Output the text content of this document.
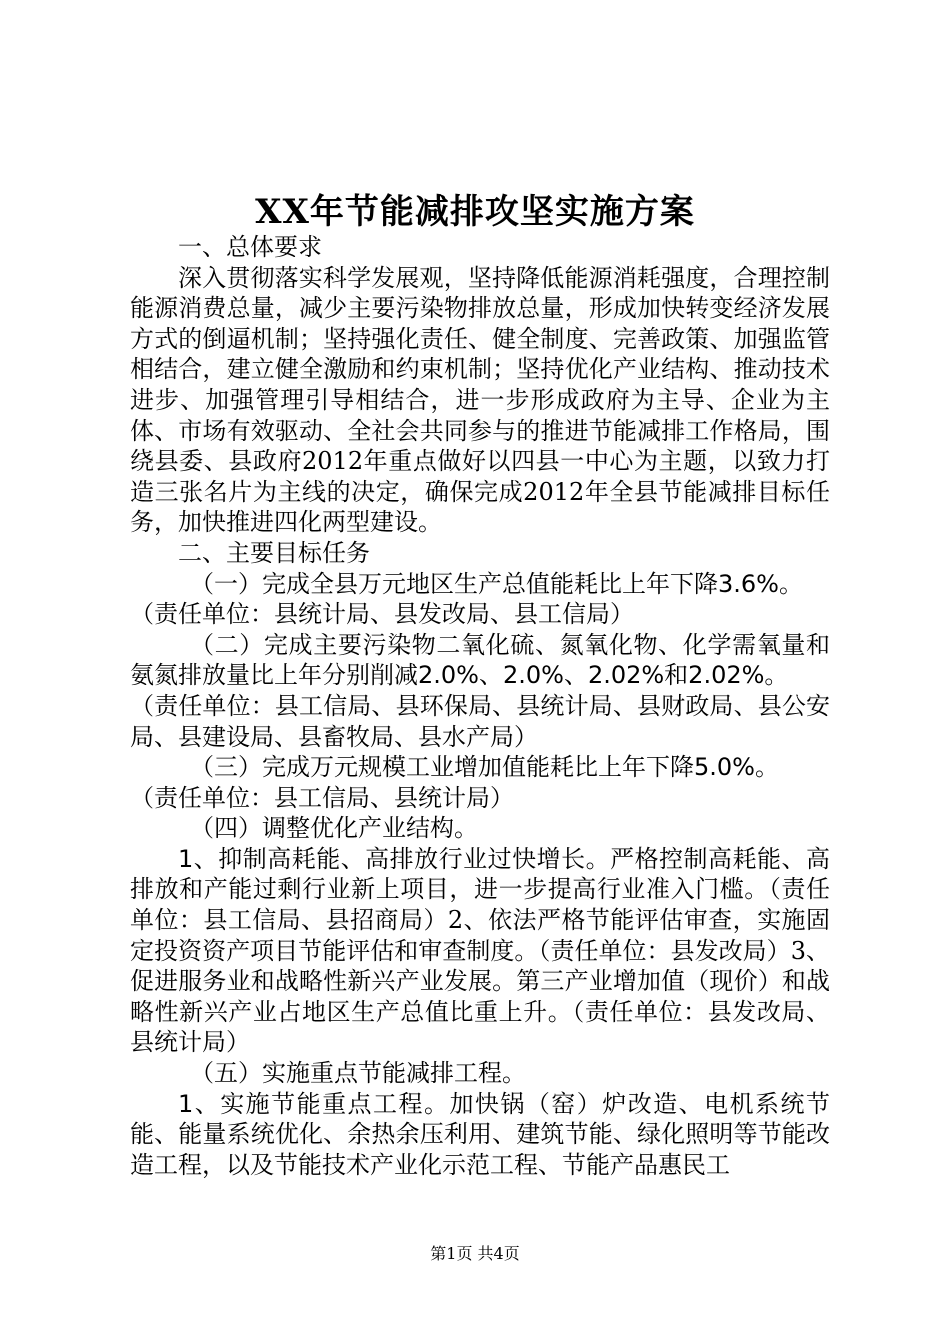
XX年节能减排攻坚实施方案

一、总体要求

深入贯彻落实科学发展观，坚持降低能源消耗强度，合理控制能源消费总量，减少主要污染物排放总量，形成加快转变经济发展方式的倒逼机制；坚持强化责任、健全制度、完善政策、加强监管相结合，建立健全激励和约束机制；坚持优化产业结构、推动技术进步、加强管理引导相结合，进一步形成政府为主导、企业为主体、市场有效驱动、全社会共同参与的推进节能减排工作格局，围绕县委、县政府2012年重点做好以四县一中心为主题，以致力打造三张名片为主线的决定，确保完成2012年全县节能减排目标任务，加快推进四化两型建设。

二、主要目标任务

（一）完成全县万元地区生产总值能耗比上年下降3.6%。

（责任单位：县统计局、县发改局、县工信局）

（二）完成主要污染物二氧化硫、氮氧化物、化学需氧量和氨氮排放量比上年分别削减2.0%、2.0%、2.02%和2.02%。

（责任单位：县工信局、县环保局、县统计局、县财政局、县公安局、县建设局、县畜牧局、县水产局）

（三）完成万元规模工业增加值能耗比上年下降5.0%。

（责任单位：县工信局、县统计局）

（四）调整优化产业结构。

1、抑制高耗能、高排放行业过快增长。严格控制高耗能、高排放和产能过剩行业新上项目，进一步提高行业准入门槛。（责任单位：县工信局、县招商局）2、依法严格节能评估审查，实施固定投资资产项目节能评估和审查制度。（责任单位：县发改局）3、促进服务业和战略性新兴产业发展。第三产业增加值（现价）和战略性新兴产业占地区生产总值比重上升。（责任单位：县发改局、县统计局）

（五）实施重点节能减排工程。

1、实施节能重点工程。加快锅（窑）炉改造、电机系统节能、能量系统优化、余热余压利用、建筑节能、绿化照明等节能改造工程，以及节能技术产业化示范工程、节能产品惠民工

第1页 共4页
